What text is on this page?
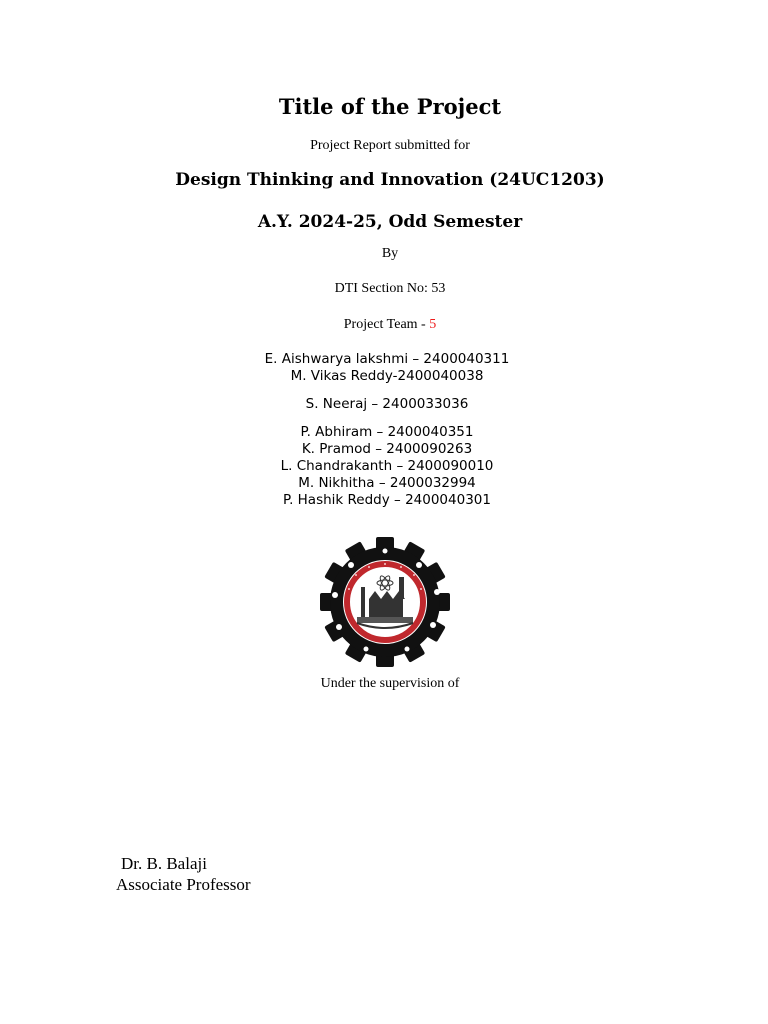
Title of the Project
Project Report submitted for
Design Thinking and Innovation (24UC1203)
A.Y. 2024-25, Odd Semester
By
DTI Section No: 53
Project Team - 5
E. Aishwarya lakshmi – 2400040311
M. Vikas Reddy-2400040038
S. Neeraj – 2400033036
P. Abhiram – 2400040351
K. Pramod – 2400090263
L. Chandrakanth – 2400090010
M. Nikhitha – 2400032994
P. Hashik Reddy – 2400040301
Under the supervision of
Dr. B. Balaji
Associate Professor
